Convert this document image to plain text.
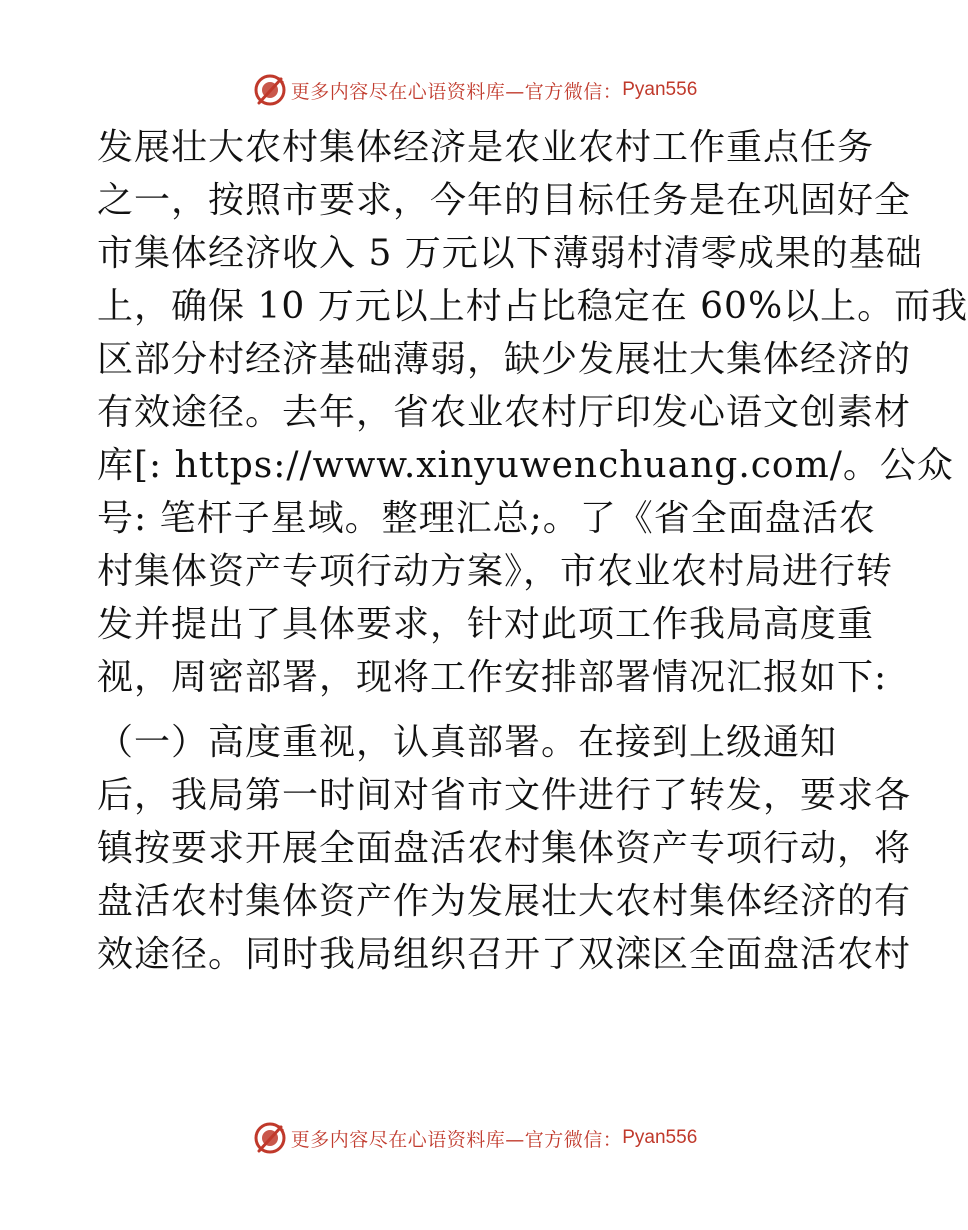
更多内容尽在心语资料库—官方微信： Pyan556
发展壮大农村集体经济是农业农村工作重点任务
之一，按照市要求，今年的目标任务是在巩固好全
市集体经济收入 5 万元以下薄弱村清零成果的基础
上，确保 10 万元以上村占比稳定在 60%以上。而我
区部分村经济基础薄弱，缺少发展壮大集体经济的
有效途径。去年，省农业农村厅印发心语文创素材
库[: https://www.xinyuwenchuang.com/。公众
号: 笔杆子星域。整理汇总;。了《省全面盘活农
村集体资产专项行动方案》，市农业农村局进行转
发并提出了具体要求，针对此项工作我局高度重
视，周密部署，现将工作安排部署情况汇报如下:
（一）高度重视，认真部署。在接到上级通知
后，我局第一时间对省市文件进行了转发，要求各
镇按要求开展全面盘活农村集体资产专项行动，将
盘活农村集体资产作为发展壮大农村集体经济的有
效途径。同时我局组织召开了双滦区全面盘活农村
更多内容尽在心语资料库—官方微信： Pyan556
